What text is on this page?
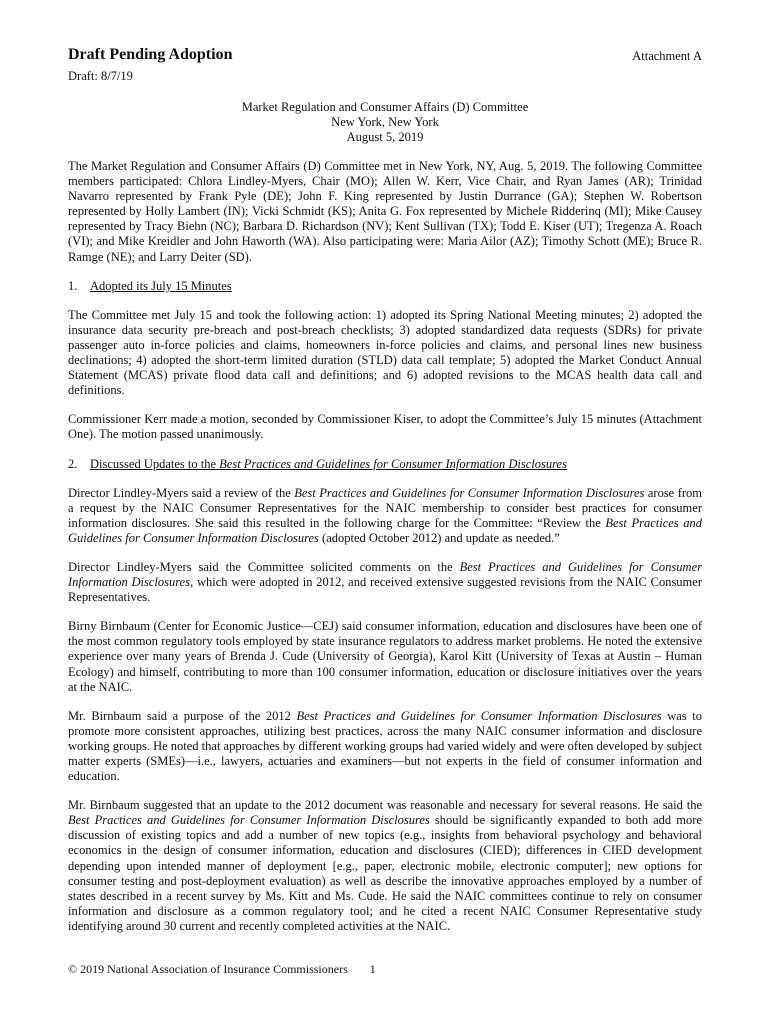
Draft Pending Adoption	Attachment A
Draft: 8/7/19
Market Regulation and Consumer Affairs (D) Committee
New York, New York
August 5, 2019

The Market Regulation and Consumer Affairs (D) Committee met in New York, NY, Aug. 5, 2019. The following Committee members participated: Chlora Lindley-Myers, Chair (MO); Allen W. Kerr, Vice Chair, and Ryan James (AR); Trinidad Navarro represented by Frank Pyle (DE); John F. King represented by Justin Durrance (GA); Stephen W. Robertson represented by Holly Lambert (IN); Vicki Schmidt (KS); Anita G. Fox represented by Michele Ridderinq (MI); Mike Causey represented by Tracy Biehn (NC); Barbara D. Richardson (NV); Kent Sullivan (TX); Todd E. Kiser (UT); Tregenza A. Roach (VI); and Mike Kreidler and John Haworth (WA). Also participating were: Maria Ailor (AZ); Timothy Schott (ME); Bruce R. Ramge (NE); and Larry Deiter (SD).

1. Adopted its July 15 Minutes

The Committee met July 15 and took the following action: 1) adopted its Spring National Meeting minutes; 2) adopted the insurance data security pre-breach and post-breach checklists; 3) adopted standardized data requests (SDRs) for private passenger auto in-force policies and claims, homeowners in-force policies and claims, and personal lines new business declinations; 4) adopted the short-term limited duration (STLD) data call template; 5) adopted the Market Conduct Annual Statement (MCAS) private flood data call and definitions; and 6) adopted revisions to the MCAS health data call and definitions.

Commissioner Kerr made a motion, seconded by Commissioner Kiser, to adopt the Committee’s July 15 minutes (Attachment One). The motion passed unanimously.

2. Discussed Updates to the Best Practices and Guidelines for Consumer Information Disclosures

Director Lindley-Myers said a review of the Best Practices and Guidelines for Consumer Information Disclosures arose from a request by the NAIC Consumer Representatives for the NAIC membership to consider best practices for consumer information disclosures. She said this resulted in the following charge for the Committee: “Review the Best Practices and Guidelines for Consumer Information Disclosures (adopted October 2012) and update as needed.”

Director Lindley-Myers said the Committee solicited comments on the Best Practices and Guidelines for Consumer Information Disclosures, which were adopted in 2012, and received extensive suggested revisions from the NAIC Consumer Representatives.

Birny Birnbaum (Center for Economic Justice—CEJ) said consumer information, education and disclosures have been one of the most common regulatory tools employed by state insurance regulators to address market problems. He noted the extensive experience over many years of Brenda J. Cude (University of Georgia), Karol Kitt (University of Texas at Austin – Human Ecology) and himself, contributing to more than 100 consumer information, education or disclosure initiatives over the years at the NAIC.

Mr. Birnbaum said a purpose of the 2012 Best Practices and Guidelines for Consumer Information Disclosures was to promote more consistent approaches, utilizing best practices, across the many NAIC consumer information and disclosure working groups. He noted that approaches by different working groups had varied widely and were often developed by subject matter experts (SMEs)—i.e., lawyers, actuaries and examiners—but not experts in the field of consumer information and education.

Mr. Birnbaum suggested that an update to the 2012 document was reasonable and necessary for several reasons. He said the Best Practices and Guidelines for Consumer Information Disclosures should be significantly expanded to both add more discussion of existing topics and add a number of new topics (e.g., insights from behavioral psychology and behavioral economics in the design of consumer information, education and disclosures (CIED); differences in CIED development depending upon intended manner of deployment [e.g., paper, electronic mobile, electronic computer]; new options for consumer testing and post-deployment evaluation) as well as describe the innovative approaches employed by a number of states described in a recent survey by Ms. Kitt and Ms. Cude. He said the NAIC committees continue to rely on consumer information and disclosure as a common regulatory tool; and he cited a recent NAIC Consumer Representative study identifying around 30 current and recently completed activities at the NAIC.

© 2019 National Association of Insurance Commissioners 1
